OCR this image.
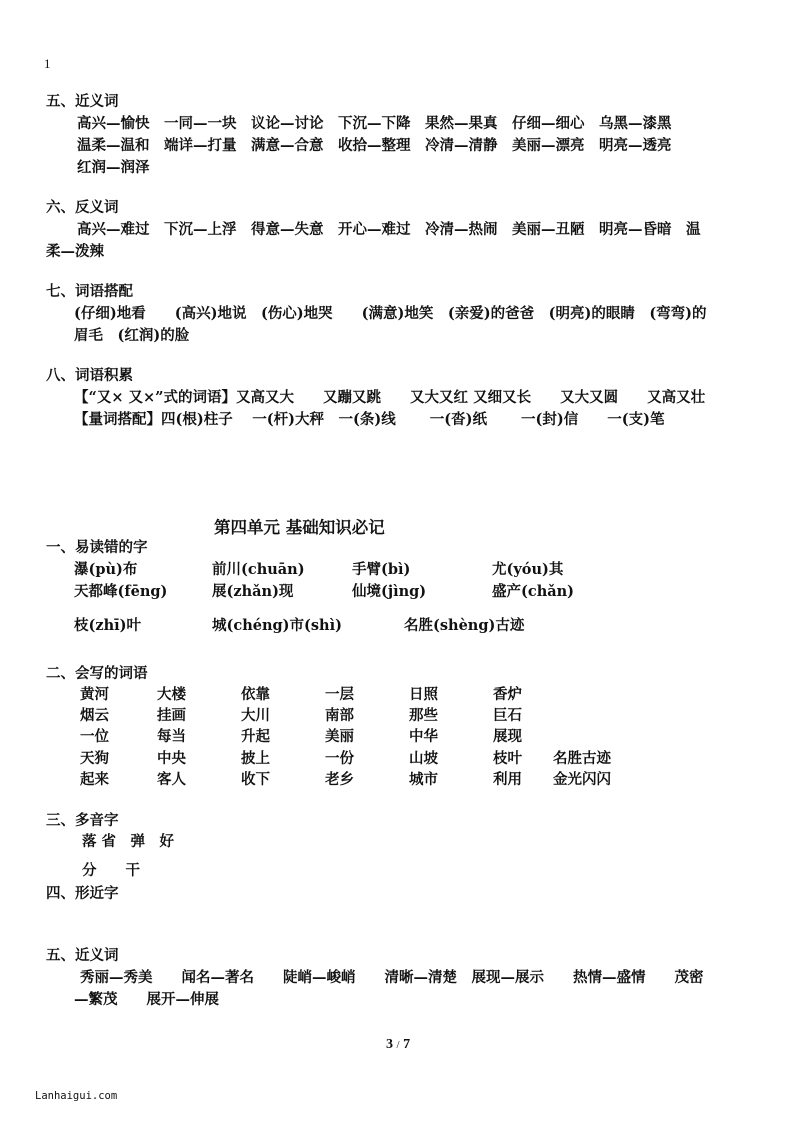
1
五、近义词
高兴—愉快　一同—一块　议论—讨论　下沉—下降　果然—果真　仔细—细心　乌黑—漆黑
温柔—温和　端详—打量　满意—合意　收拾—整理　冷清—清静　美丽—漂亮　明亮—透亮
红润—润泽
六、反义词
高兴—难过　下沉—上浮　得意—失意　开心—难过　冷清—热闹　美丽—丑陋　明亮—昏暗　温
柔—泼辣
七、词语搭配
(仔细)地看　　(高兴)地说　(伤心)地哭　　(满意)地笑　(亲爱)的爸爸　(明亮)的眼睛　(弯弯)的
眉毛　(红润)的脸
八、词语积累
【“又× 又×”式的词语】又高又大　　又蹦又跳　　又大又红 又细又长　　又大又圆　　又高又壮
【量词搭配】四(根)柱子　 一(杆)大秤　一(条)线　　 一(沓)纸　　 一(封)信　　一(支)笔
第四单元 基础知识必记
一、易读错的字
瀑(pù)布	前川(chuān)	手臂(bì)	尤(yóu)其
天都峰(fēng)	展(zhǎn)现	仙境(jìng)	盛产(chǎn)
枝(zhī)叶	城(chéng)市(shì)	名胜(shèng)古迹
二、会写的词语
黄河	大楼	依靠	一层	日照	香炉
烟云	挂画	大川	南部	那些	巨石
一位	每当	升起	美丽	中华	展现
天狗	中央	披上	一份	山坡	枝叶 名胜古迹
起来	客人	收下	老乡	城市	利用 金光闪闪
三、多音字
落 省　弹　好
分　　干
四、形近字
五、近义词
秀丽—秀美　　闻名—著名　　陡峭—峻峭　　清晰—清楚　展现—展示　　热情—盛情　　茂密
—繁茂　　展开—伸展
3 / 7
Lanhaigui.com
